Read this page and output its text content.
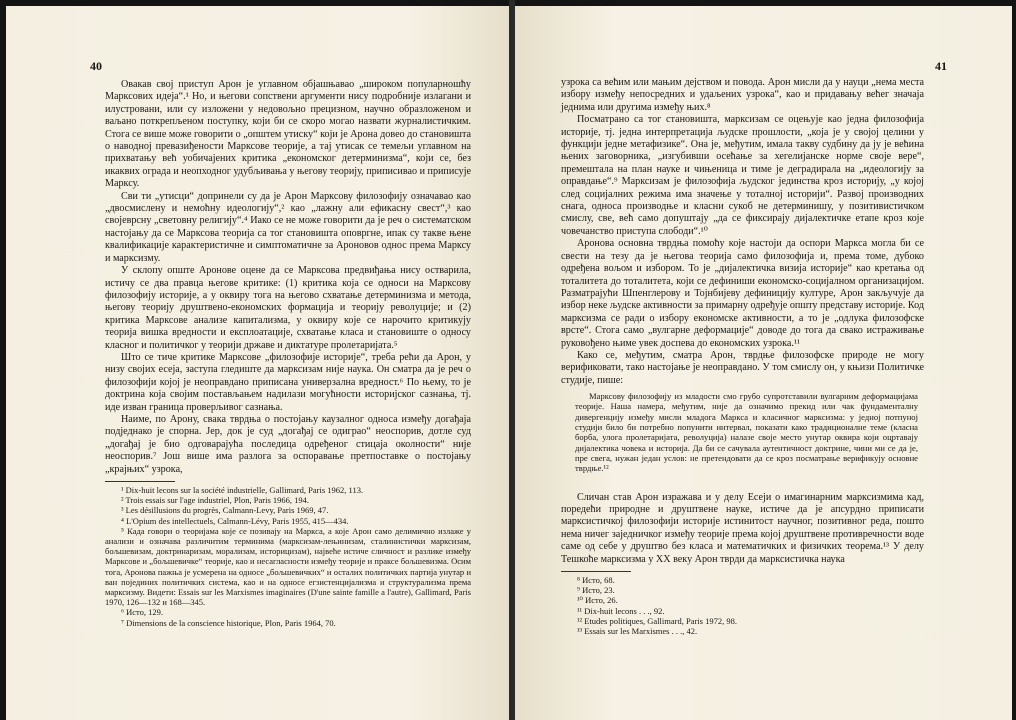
40

Овакав свој приступ Арон је углавном објашњавао „широком популарношћу Марксових идеја“.¹ Но, и његови сопствени аргументи нису подробније излагани и илустровани, или су изложени у недовољно прецизном, научно образложеном и ваљано поткрепљеном поступку, који би се скоро могао назвати журналистичким. Стога се више може говорити о „општем утиску“ који је Арона довео до становишта о наводној превазиђености Марксове теорије, а тај утисак се темељи углавном на прихватању већ уобичајених критика „економског детерминизма“, који се, без икаквих ограда и неопходног удубљивања у његову теорију, приписивао и приписује Марксу.

Сви ти „утисци“ допринели су да је Арон Марксову филозофију означавао као „двосмислену и немоћну идеологију“,² као „лажну али ефикасну свест“,³ као својеврсну „световну религију“.⁴ Иако се не може говорити да је реч о систематском настојању да се Марксова теорија са тог становишта оповргне, ипак су такве њене квалификације карактеристичне и симптоматичне за Ароновов однос према Марксу и марксизму.

У склопу опште Аронове оцене да се Марксова предвиђања нису остварила, истичу се два правца његове критике: (1) критика која се односи на Марксову филозофију историје, а у оквиру тога на његово схватање детерминизма и метода, његову теорију друштвено-економских формација и теорију револуције; и (2) критика Марксове анализе капитализма, у оквиру које се нарочито критикују теорија вишка вредности и експлоатације, схватање класа и становиште о односу класног и политичког у теорији државе и диктатуре пролетаријата.⁵

Што се тиче критике Марксове „филозофије историје“, треба рећи да Арон, у низу својих есеја, заступа гледиште да марксизам није наука. Он сматра да је реч о филозофији којој је неоправдано приписана универзална вредност.⁶ По њему, то је доктрина која својим постављањем надилази могућности историјског сазнања, тј. иде изван граница проверљивог сазнања.

Наиме, по Арону, свака тврдња о постојању каузалног односа између догађаја подједнако је спорна. Јер, док је суд „догађај се одиграо“ неоспорив, дотле суд „догађај је био одговарајућа последица одређеног стицаја околности“ није неоспорив.⁷ Још више има разлога за оспоравање претпоставке о постојању „крајњих“ узрока,

¹ Dix-huit lecons sur la société industrielle, Gallimard, Paris 1962, 113.

² Trois essais sur l'age industriel, Plon, Paris 1966, 194.

³ Les désillusions du progrès, Calmann-Levy, Paris 1969, 47.

⁴ L'Opium des intellectuels, Calmann-Lévy, Paris 1955, 415—434.

⁵ Када говори о теоријама које се позивају на Маркса, а које Арон само делимично излаже у анализи и означава различитим терминима (марксизам-лењинизам, сталинистички марксизам, бољшевизам, доктринаризам, морализам, историцизам), највеће истиче сличност и разлике између Марксове и „бољшевичке“ теорије, као и несагласности између теорије и праксе бољшевизма. Осим тога, Аронова пажња је усмерена на односе „бољшевичких“ и осталих политичких партија унутар и ван појединих политичких система, као и на односе егзистенцијализма и структурализма према марксизму. Видети: Essais sur les Marxismes imaginaires (D'une sainte famille a l'autre), Gallimard, Paris 1970, 126—132 и 168—345.

⁶ Исто, 129.

⁷ Dimensions de la conscience historique, Plon, Paris 1964, 70.

41

узрока са већим или мањим дејством и повода. Арон мисли да у науци „нема места избору између непосредних и удаљених узрока“, као и придавању већег значаја једнима или другима између њих.⁸

Посматрано са тог становишта, марксизам се оцењује као једна филозофија историје, тј. једна интерпретација људске прошлости, „која је у својој целини у функцији једне метафизике“. Она је, међутим, имала такву судбину да ју је већина њених заговорника, „изгубивши осећање за хегелијанске норме своје вере“, премештала на план науке и чињеница и тиме је деградирала на „идеологију за оправдање“.⁹ Марксизам је филозофија људског јединства кроз историју, „у којој след социјалних режима има значење у тоталној историји“. Развој производних снага, односа производње и класни сукоб не детерминишу, у позитивистичком смислу, све, већ само допуштају „да се фиксирају дијалектичке етапе кроз које човечанство приступа слободи“.¹⁰

Аронова основна тврдња помоћу које настоји да оспори Маркса могла би се свести на тезу да је његова теорија само филозофија и, према томе, дубоко одређена вољом и избором. То је „дијалектичка визија историје“ као кретања од тоталитета до тоталитета, који се дефиниши економско-социјалном организацијом. Разматрајући Шпенглерову и Тојнбијеву дефиницију културе, Арон закључује да избор неке људске активности за примарну одређује општу представу историје. Код марксизма се ради о избору економске активности, а то је „одлука филозофске врсте“. Стога само „вулгарне деформације“ доводе до тога да свако истраживање руковођено њиме увек доспева до економских узрока.¹¹

Како се, међутим, сматра Арон, тврдње филозофске природе не могу верификовати, тако настојање је неоправдано. У том смислу он, у књизи Политичке студије, пише:

Марксову филозофију из младости смо грубо супротставили вулгарним деформацијама теорије. Наша намера, међутим, није да означимо прекид или чак фундаменталну дивергенцију између мисли младога Маркса и класичног марксизма: у једној потпуној студији било би потребно попунити интервал, показати како традиционалне теме (класна борба, улога пролетаријата, револуција) налазе своје место унутар оквира који оцртавају дијалектика човека и историја. Да би се сачувала аутентичност доктрине, чини ми се да је, пре свега, нужан један услов: не претендовати да се кроз посматрање верификују основне тврдње.¹²

Сличан став Арон изражава и у делу Есеји о имагинарним марксизмима кад, поредећи природне и друштвене науке, истиче да је апсурдно приписати марксистичкој филозофији историје истинитост научног, позитивног реда, пошто нема ничег заједничког између теорије према којој друштвене противречности воде саме од себе у друштво без класа и математичких и физичких теорема.¹³ У делу Тешкоће марксизма у XX веку Арон тврди да марксистичка наука

⁸ Исто, 68.

⁹ Исто, 23.

¹⁰ Исто, 26.

¹¹ Dix-huit lecons . . ., 92.

¹² Etudes politiques, Gallimard, Paris 1972, 98.

¹³ Essais sur les Marxismes . . ., 42.
